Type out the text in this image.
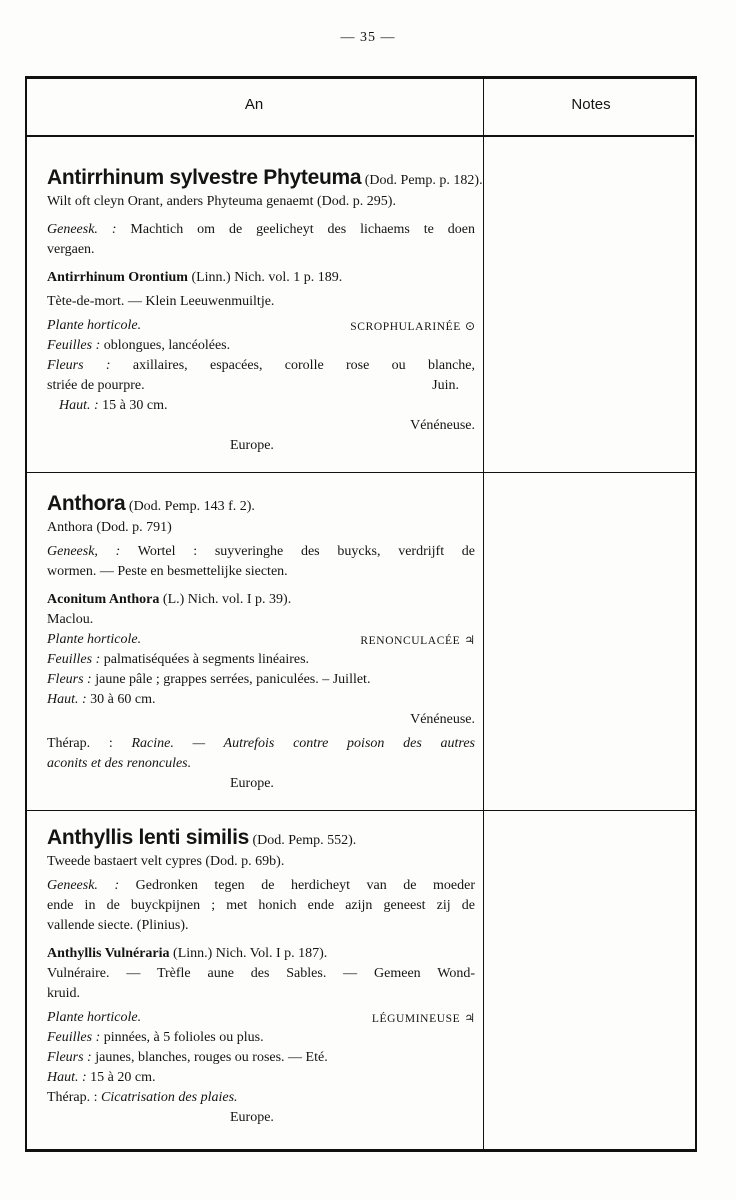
— 35 —
An	Notes
Antirrhinum sylvestre Phyteuma (Dod. Pemp. p. 182).
Wilt oft cleyn Orant, anders Phyteuma genaemt (Dod. p. 295).
Geneesk. : Machtich om de geelicheyt des lichaems te doen
vergaen.
Antirrhinum Orontium (Linn.) Nich. vol. 1 p. 189.
Tète-de-mort. — Klein Leeuwenmuiltje.
Plante horticole.	SCROPHULARINÉE ⊙
Feuilles : oblongues, lancéolées.
Fleurs : axillaires, espacées, corolle rose ou blanche,
striée de pourpre.	Juin.
Haut. : 15 à 30 cm.
Vénéneuse.
Europe.
Anthora (Dod. Pemp. 143 f. 2).
Anthora (Dod. p. 791)
Geneesk, : Wortel : suyveringhe des buycks, verdrijft de
wormen. — Peste en besmettelijke siecten.
Aconitum Anthora (L.) Nich. vol. I p. 39).
Maclou.
Plante horticole.	RENONCULACÉE ♃
Feuilles : palmatiséquées à segments linéaires.
Fleurs : jaune pâle ; grappes serrées, paniculées. – Juillet.
Haut. : 30 à 60 cm.
Vénéneuse.
Thérap. : Racine. — Autrefois contre poison des autres
aconits et des renoncules.
Europe.
Anthyllis lenti similis (Dod. Pemp. 552).
Tweede bastaert velt cypres (Dod. p. 69b).
Geneesk. : Gedronken tegen de herdicheyt van de moeder
ende in de buyckpijnen ; met honich ende azijn geneest zij de
vallende siecte. (Plinius).
Anthyllis Vulnéraria (Linn.) Nich. Vol. I p. 187).
Vulnéraire. — Trèfle aune des Sables. — Gemeen Wond-
kruid.
Plante horticole.	LÉGUMINEUSE ♃
Feuilles : pinnées, à 5 folioles ou plus.
Fleurs : jaunes, blanches, rouges ou roses. — Eté.
Haut. : 15 à 20 cm.
Thérap. : Cicatrisation des plaies.
Europe.
